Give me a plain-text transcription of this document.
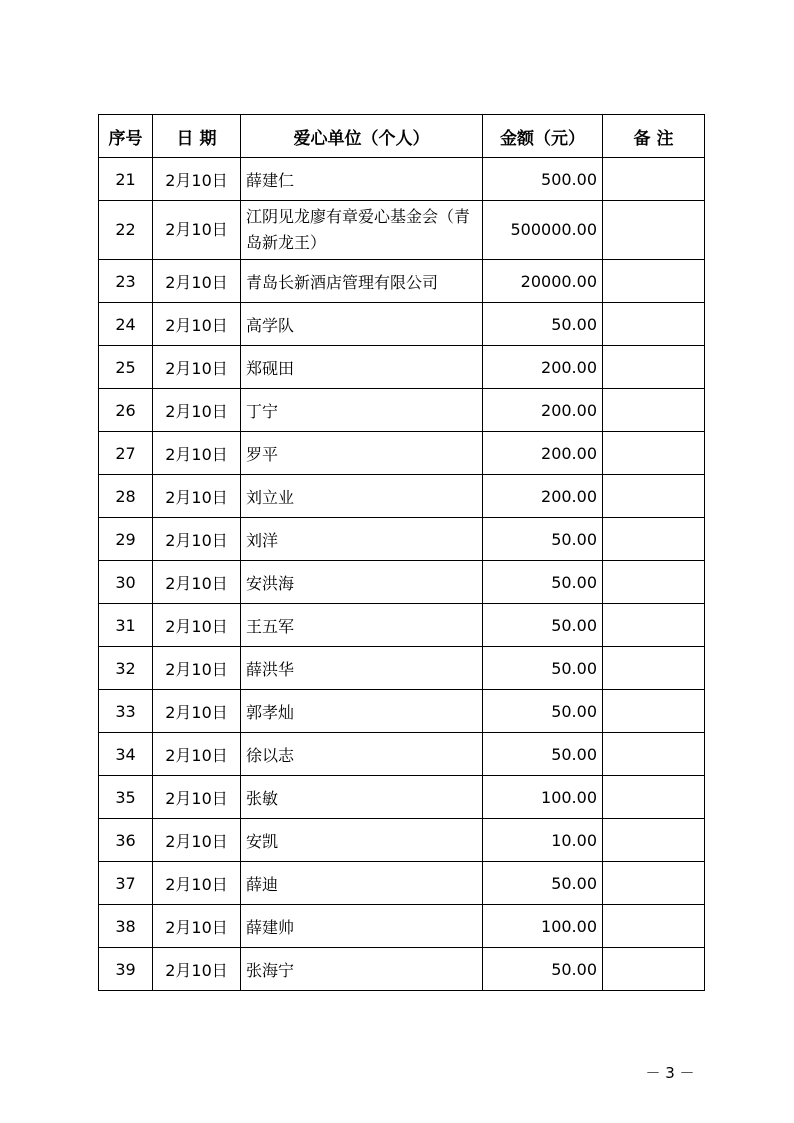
序号	日 期	爱心单位（个人）	金额（元）	备 注
21	2月10日	薛建仁	500.00	
22	2月10日	江阴见龙廖有章爱心基金会（青岛新龙王）	500000.00	
23	2月10日	青岛长新酒店管理有限公司	20000.00	
24	2月10日	高学队	50.00	
25	2月10日	郑砚田	200.00	
26	2月10日	丁宁	200.00	
27	2月10日	罗平	200.00	
28	2月10日	刘立业	200.00	
29	2月10日	刘洋	50.00	
30	2月10日	安洪海	50.00	
31	2月10日	王五军	50.00	
32	2月10日	薛洪华	50.00	
33	2月10日	郭孝灿	50.00	
34	2月10日	徐以志	50.00	
35	2月10日	张敏	100.00	
36	2月10日	安凯	10.00	
37	2月10日	薛迪	50.00	
38	2月10日	薛建帅	100.00	
39	2月10日	张海宁	50.00	
－ 3 －
